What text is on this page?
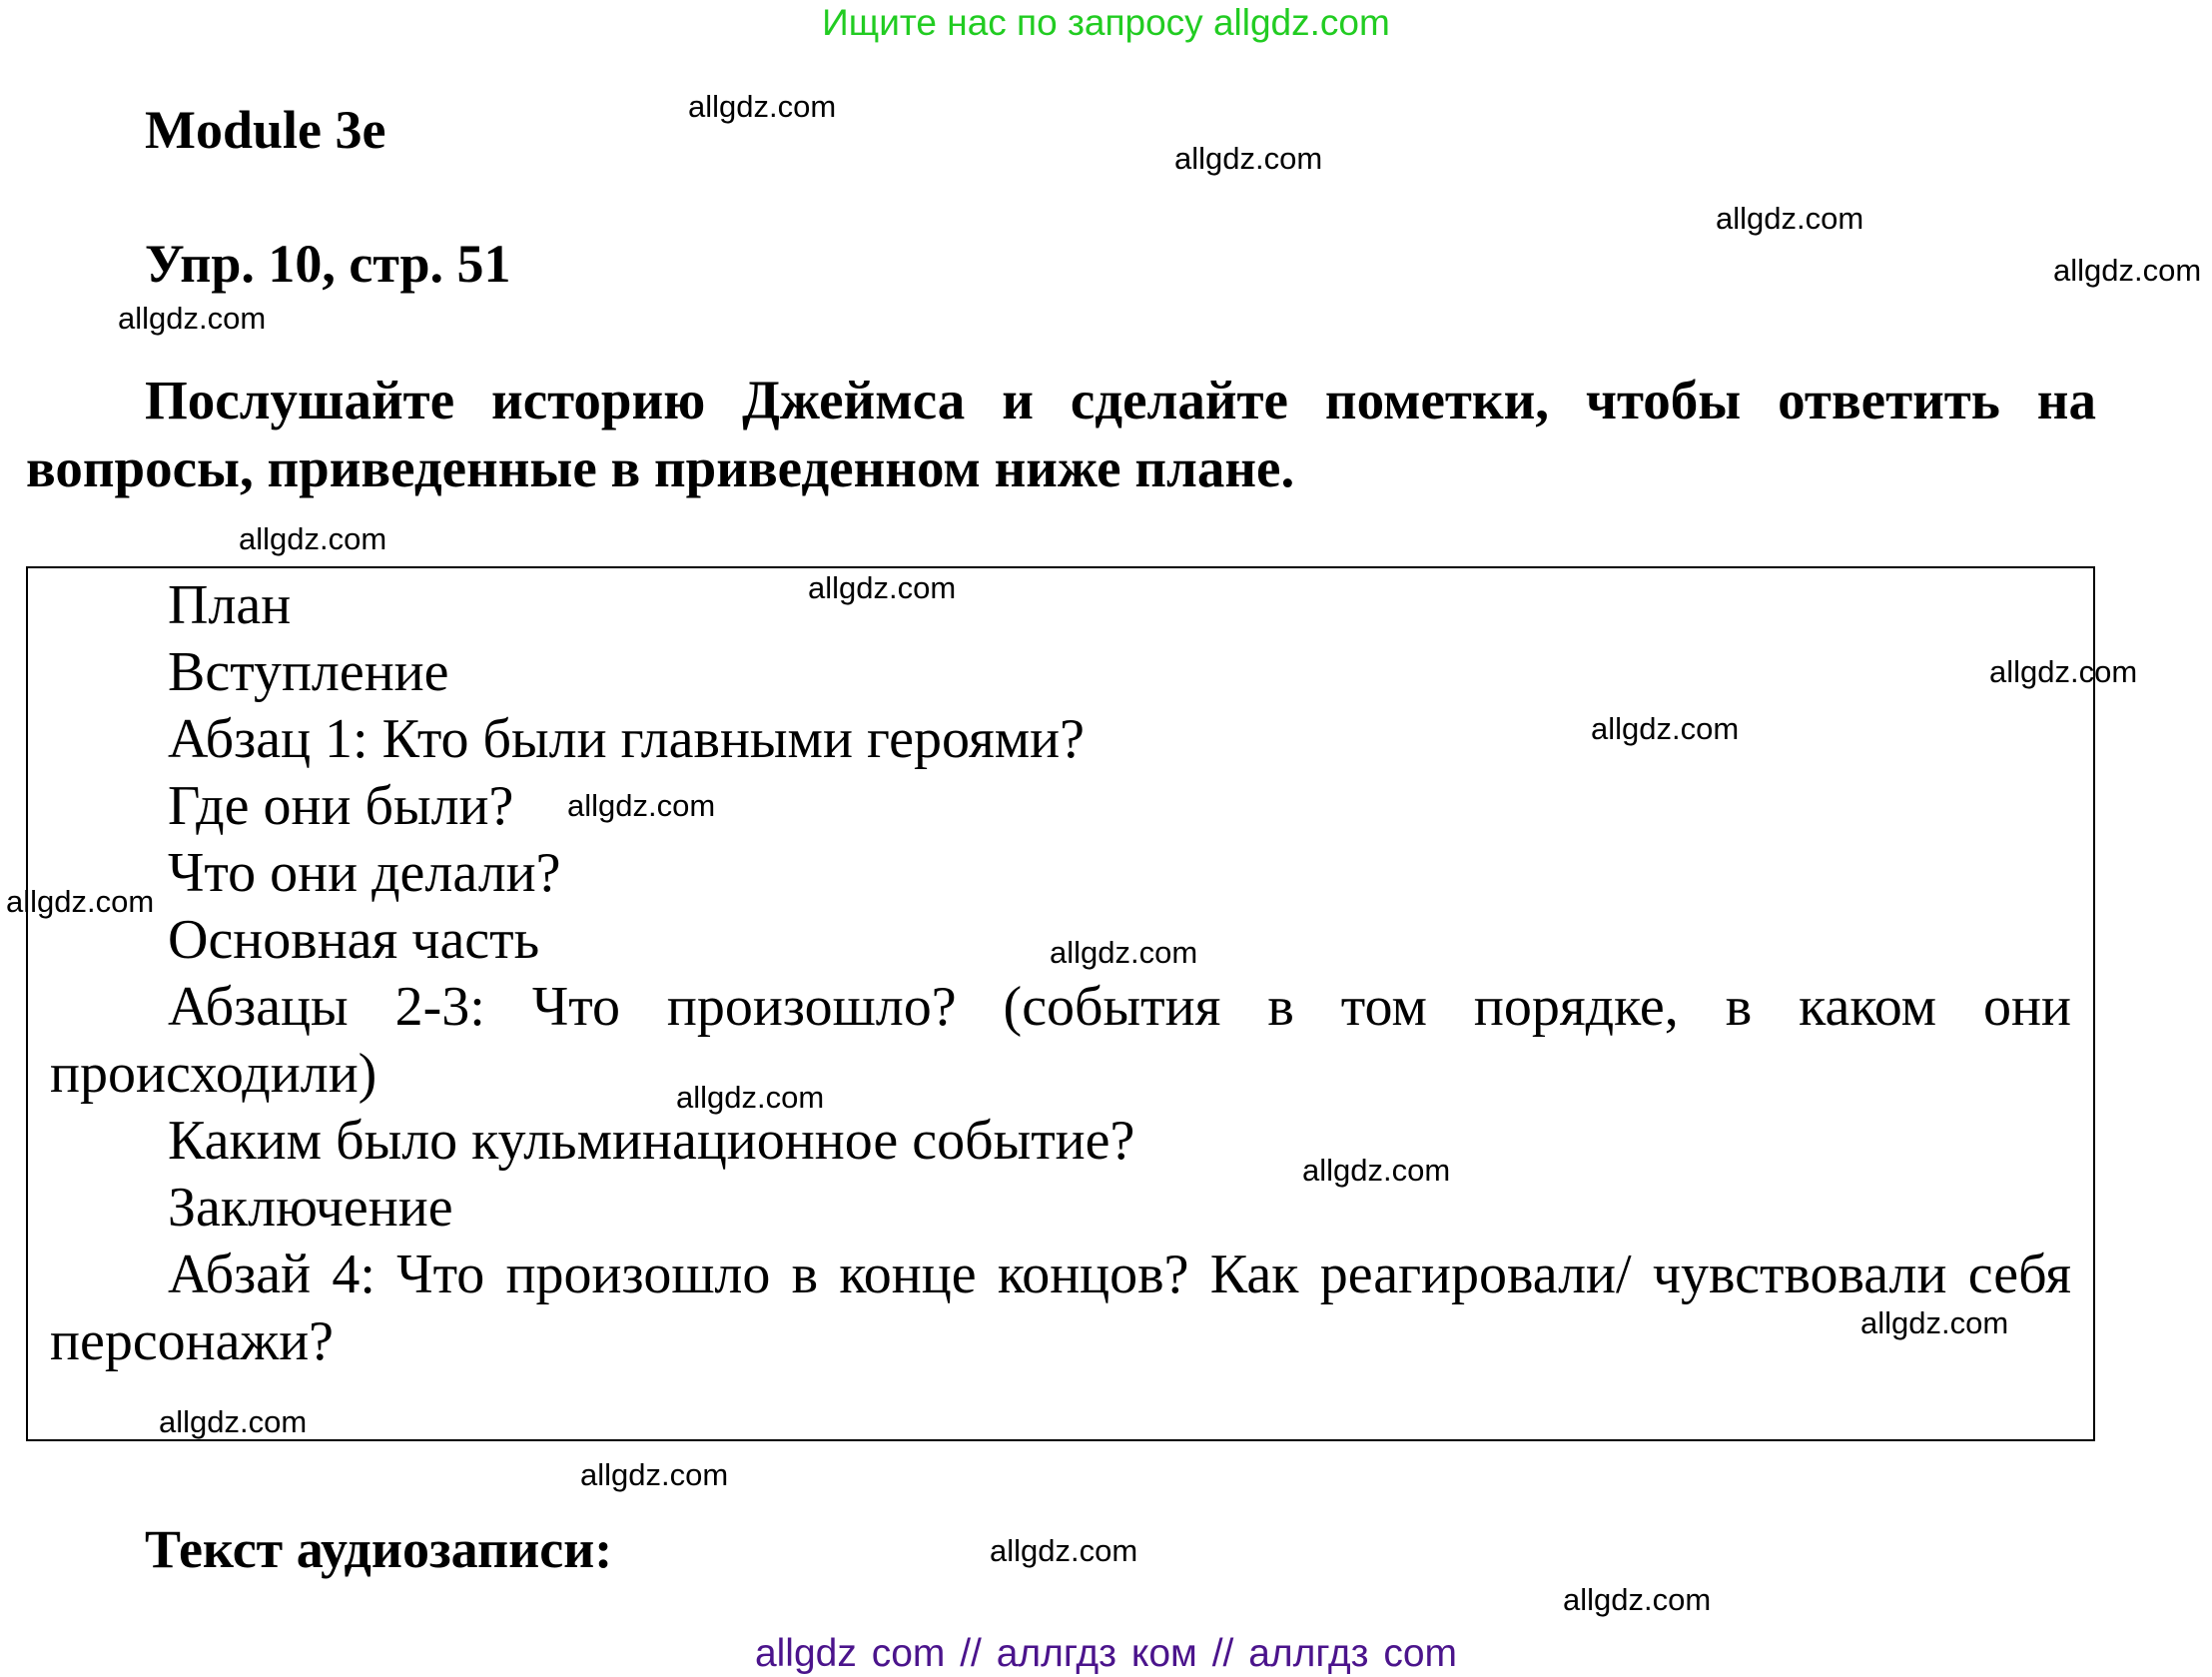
Ищите нас по запросу allgdz.com
Module 3e
Упр. 10, стр. 51
Послушайте историю Джеймса и сделайте пометки, чтобы ответить на вопросы, приведенные в приведенном ниже плане.

План

Вступление

Абзац 1: Кто были главными героями?

Где они были?

Что они делали?

Основная часть

Абзацы 2-3: Что произошло? (события в том порядке, в каком они происходили)

Каким было кульминационное событие?

Заключение

Абзай 4: Что произошло в конце концов? Как реагировали/ чувствовали себя персонажи?

Текст аудиозаписи:
allgdz com // аллгдз ком // аллгдз com
allgdz.com
allgdz.com
allgdz.com
allgdz.com
allgdz.com
allgdz.com
allgdz.com
allgdz.com
allgdz.com
allgdz.com
allgdz.com
allgdz.com
allgdz.com
allgdz.com
allgdz.com
allgdz.com
allgdz.com
allgdz.com
allgdz.com
